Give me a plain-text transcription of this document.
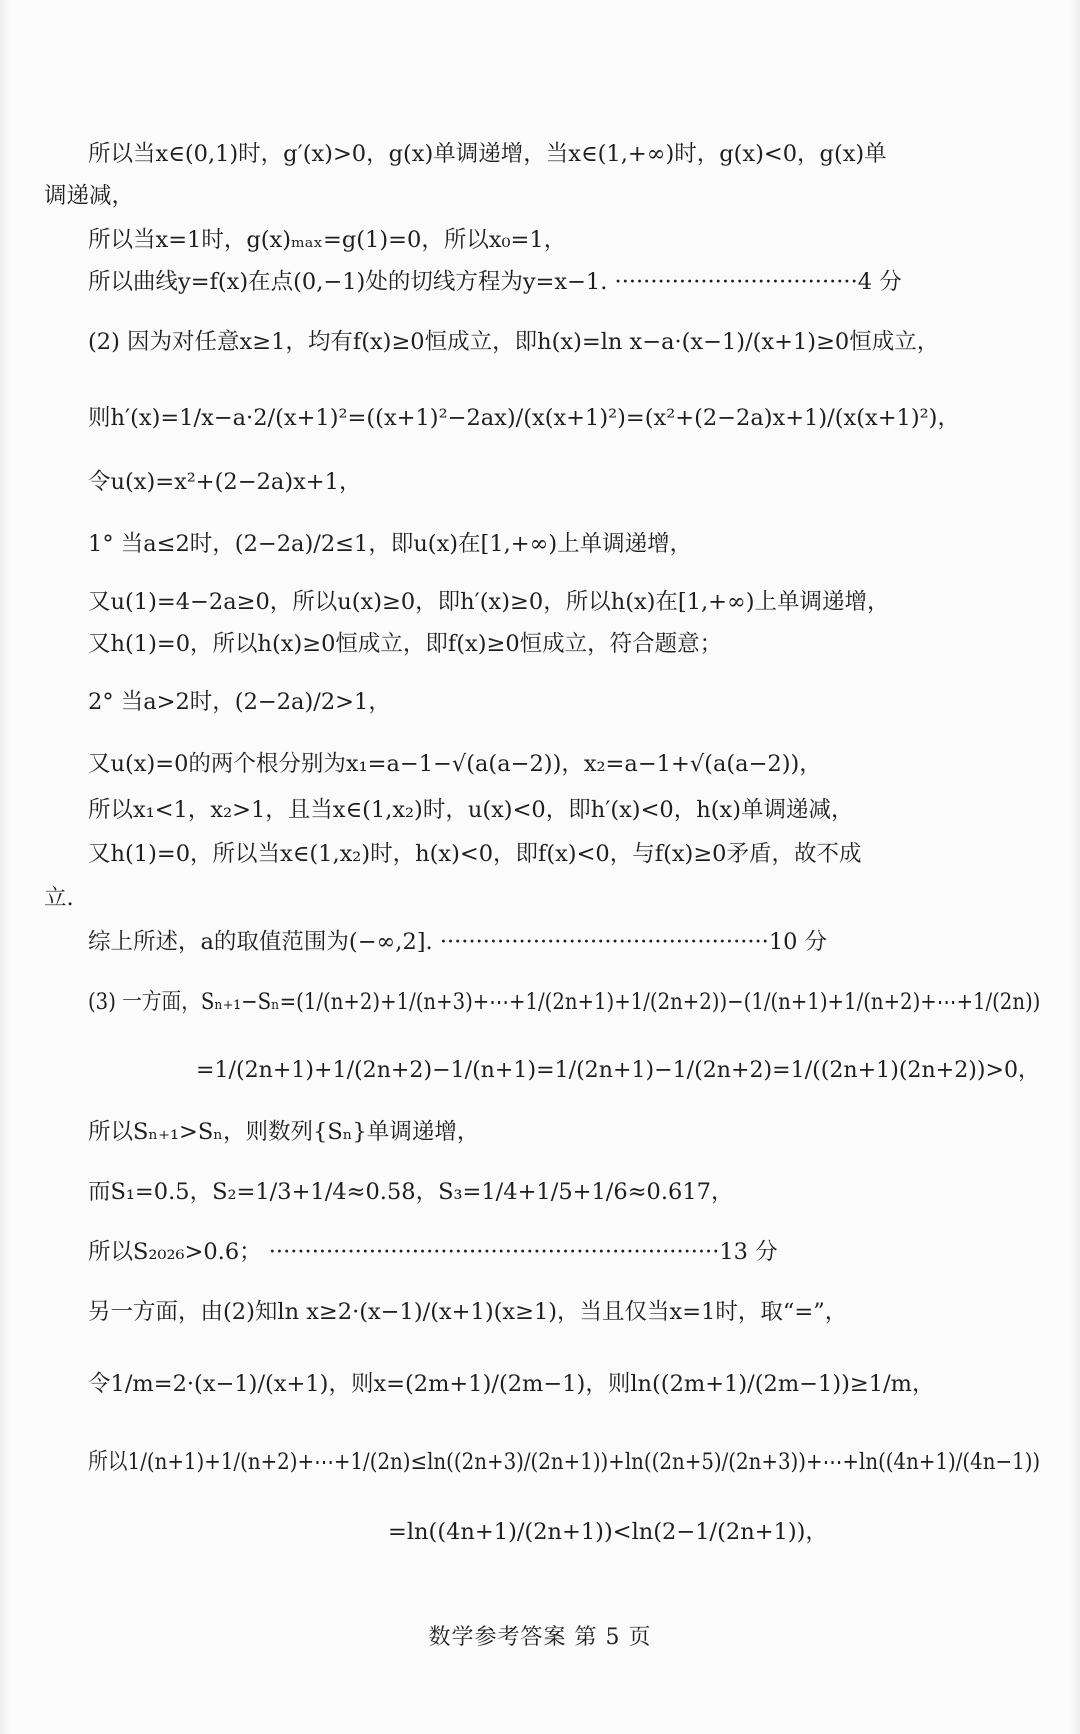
所以当x∈(0,1)时，g′(x)>0，g(x)单调递增，当x∈(1,+∞)时，g(x)<0，g(x)单
调递减，
所以当x=1时，g(x)ₘₐₓ=g(1)=0，所以x₀=1，
所以曲线y=f(x)在点(0,−1)处的切线方程为y=x−1. ··································4 分
(2) 因为对任意x≥1，均有f(x)≥0恒成立，即h(x)=ln x−a·(x−1)/(x+1)≥0恒成立，
则h′(x)=1/x−a·2/(x+1)²=((x+1)²−2ax)/(x(x+1)²)=(x²+(2−2a)x+1)/(x(x+1)²)，
令u(x)=x²+(2−2a)x+1，
1° 当a≤2时，(2−2a)/2≤1，即u(x)在[1,+∞)上单调递增，
又u(1)=4−2a≥0，所以u(x)≥0，即h′(x)≥0，所以h(x)在[1,+∞)上单调递增，
又h(1)=0，所以h(x)≥0恒成立，即f(x)≥0恒成立，符合题意；
2° 当a>2时，(2−2a)/2>1，
又u(x)=0的两个根分别为x₁=a−1−√(a(a−2))，x₂=a−1+√(a(a−2))，
所以x₁<1，x₂>1，且当x∈(1,x₂)时，u(x)<0，即h′(x)<0，h(x)单调递减，
又h(1)=0，所以当x∈(1,x₂)时，h(x)<0，即f(x)<0，与f(x)≥0矛盾，故不成
立.
综上所述，a的取值范围为(−∞,2]. ··············································10 分
(3) 一方面，Sₙ₊₁−Sₙ=(1/(n+2)+1/(n+3)+⋯+1/(2n+1)+1/(2n+2))−(1/(n+1)+1/(n+2)+⋯+1/(2n))
=1/(2n+1)+1/(2n+2)−1/(n+1)=1/(2n+1)−1/(2n+2)=1/((2n+1)(2n+2))>0，
所以Sₙ₊₁>Sₙ，则数列{Sₙ}单调递增，
而S₁=0.5，S₂=1/3+1/4≈0.58，S₃=1/4+1/5+1/6≈0.617，
所以S₂₀₂₆>0.6； ·······························································13 分
另一方面，由(2)知ln x≥2·(x−1)/(x+1)(x≥1)，当且仅当x=1时，取“=”，
令1/m=2·(x−1)/(x+1)，则x=(2m+1)/(2m−1)，则ln((2m+1)/(2m−1))≥1/m，
所以1/(n+1)+1/(n+2)+⋯+1/(2n)≤ln((2n+3)/(2n+1))+ln((2n+5)/(2n+3))+⋯+ln((4n+1)/(4n−1))
=ln((4n+1)/(2n+1))<ln(2−1/(2n+1))，
数学参考答案 第 5 页
